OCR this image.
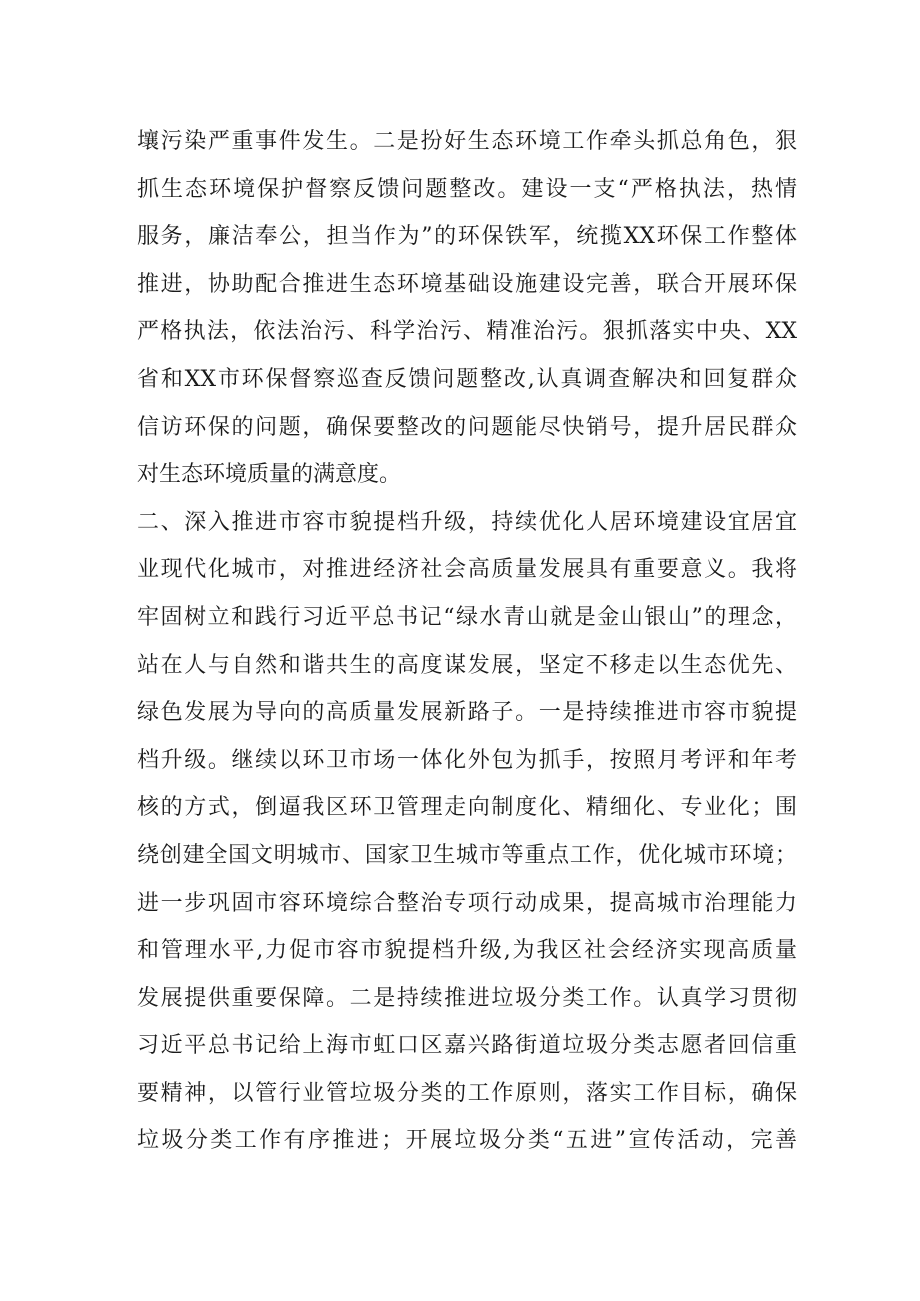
壤污染严重事件发生。二是扮好生态环境工作牵头抓总角色，狠
抓生态环境保护督察反馈问题整改。建设一支“严格执法，热情
服务，廉洁奉公，担当作为”的环保铁军，统揽XX环保工作整体
推进，协助配合推进生态环境基础设施建设完善，联合开展环保
严格执法，依法治污、科学治污、精准治污。狠抓落实中央、XX
省和XX市环保督察巡查反馈问题整改,认真调查解决和回复群众
信访环保的问题，确保要整改的问题能尽快销号，提升居民群众
对生态环境质量的满意度。
二、深入推进市容市貌提档升级，持续优化人居环境建设宜居宜
业现代化城市，对推进经济社会高质量发展具有重要意义。我将
牢固树立和践行习近平总书记“绿水青山就是金山银山”的理念，
站在人与自然和谐共生的高度谋发展，坚定不移走以生态优先、
绿色发展为导向的高质量发展新路子。一是持续推进市容市貌提
档升级。继续以环卫市场一体化外包为抓手，按照月考评和年考
核的方式，倒逼我区环卫管理走向制度化、精细化、专业化；围
绕创建全国文明城市、国家卫生城市等重点工作，优化城市环境；
进一步巩固市容环境综合整治专项行动成果，提高城市治理能力
和管理水平,力促市容市貌提档升级,为我区社会经济实现高质量
发展提供重要保障。二是持续推进垃圾分类工作。认真学习贯彻
习近平总书记给上海市虹口区嘉兴路街道垃圾分类志愿者回信重
要精神，以管行业管垃圾分类的工作原则，落实工作目标，确保
垃圾分类工作有序推进；开展垃圾分类“五进”宣传活动，完善
